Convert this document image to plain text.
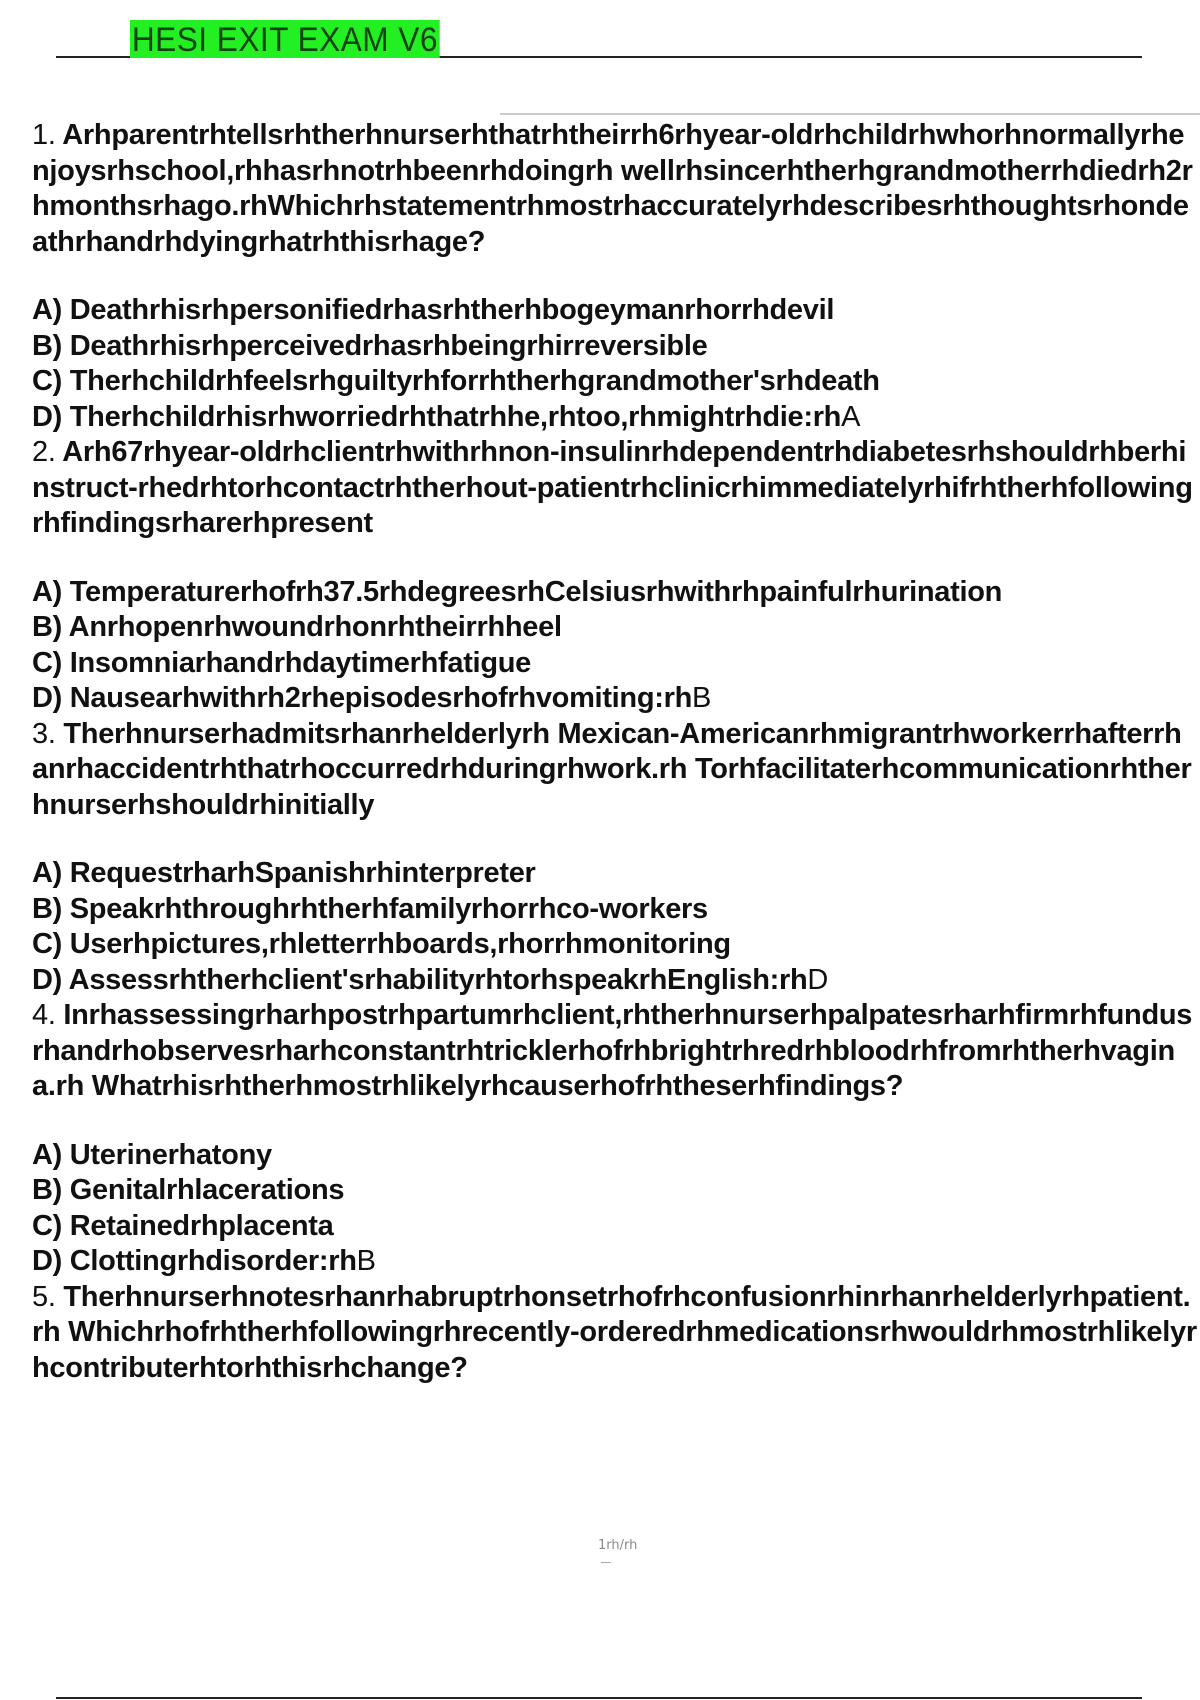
HESI EXIT EXAM V6

1. Arhparentrhtellsrhtherhnurserhthatrhtheirrh6rhyear-oldrhchildrhwhorhnormallyrhenjoysrhschool,rhhasrhnotrhbeenrhdoingrh wellrhsincerhtherhgrandmotherrhdiedrh2rhmonthsrhago.rhWhichrhstatementrhmostrhaccuratelyrhdescribesrhthoughtsrhondeathrhandrhdyingrhatrhthisrhage?

A) Deathrhisrhpersonifiedrhasrhtherhbogeymanrhorrhdevil

B) Deathrhisrhperceivedrhasrhbeingrhirreversible

C) Therhchildrhfeelsrhguiltyrhforrhtherhgrandmother'srhdeath

D) Therhchildrhisrhworriedrhthatrhhe,rhtoo,rhmightrhdie:rhA

2. Arh67rhyear-oldrhclientrhwithrhnon-insulinrhdependentrhdiabetesrhshouldrhberhinstruct-rhedrhtorhcontactrhtherhout-patientrhclinicrhimmediatelyrhifrhtherhfollowingrhfindingsrharerhpresent

A) Temperaturerhofrh37.5rhdegreesrhCelsiusrhwithrhpainfulrhurination

B) Anrhopenrhwoundrhonrhtheirrhheel

C) Insomniarhandrhdaytimerhfatigue

D) Nausearhwithrh2rhepisodesrhofrhvomiting:rhB

3. Therhnurserhadmitsrhanrhelderlyrh Mexican-Americanrhmigrantrhworkerrhafterrhanrhaccidentrhthatrhoccurredrhduringrhwork.rh Torhfacilitaterhcommunicationrhtherhnurserhshouldrhinitially

A) RequestrharhSpanishrhinterpreter

B) Speakrhthroughrhtherhfamilyrhorrhco-workers

C) Userhpictures,rhletterrhboards,rhorrhmonitoring

D) Assessrhtherhclient'srhabilityrhtorhspeakrhEnglish:rhD

4. Inrhassessingrharhpostrhpartumrhclient,rhtherhnurserhpalpatesrharhfirmrhfundusrhandrhobservesrharhconstantrhtricklerhofrhbrightrhredrhbloodrhfromrhtherhvagina.rh Whatrhisrhtherhmostrhlikelyrhcauserhofrhtheserhfindings?

A) Uterinerhatony

B) Genitalrhlacerations

C) Retainedrhplacenta

D) Clottingrhdisorder:rhB

5. Therhnurserhnotesrhanrhabruptrhonsetrhofrhconfusionrhinrhanrhelderlyrhpatient.rh Whichrhofrhtherhfollowingrhrecently-orderedrhmedicationsrhwouldrhmostrhlikelyrhcontributerhtorhthisrhchange?

1rh/rh
